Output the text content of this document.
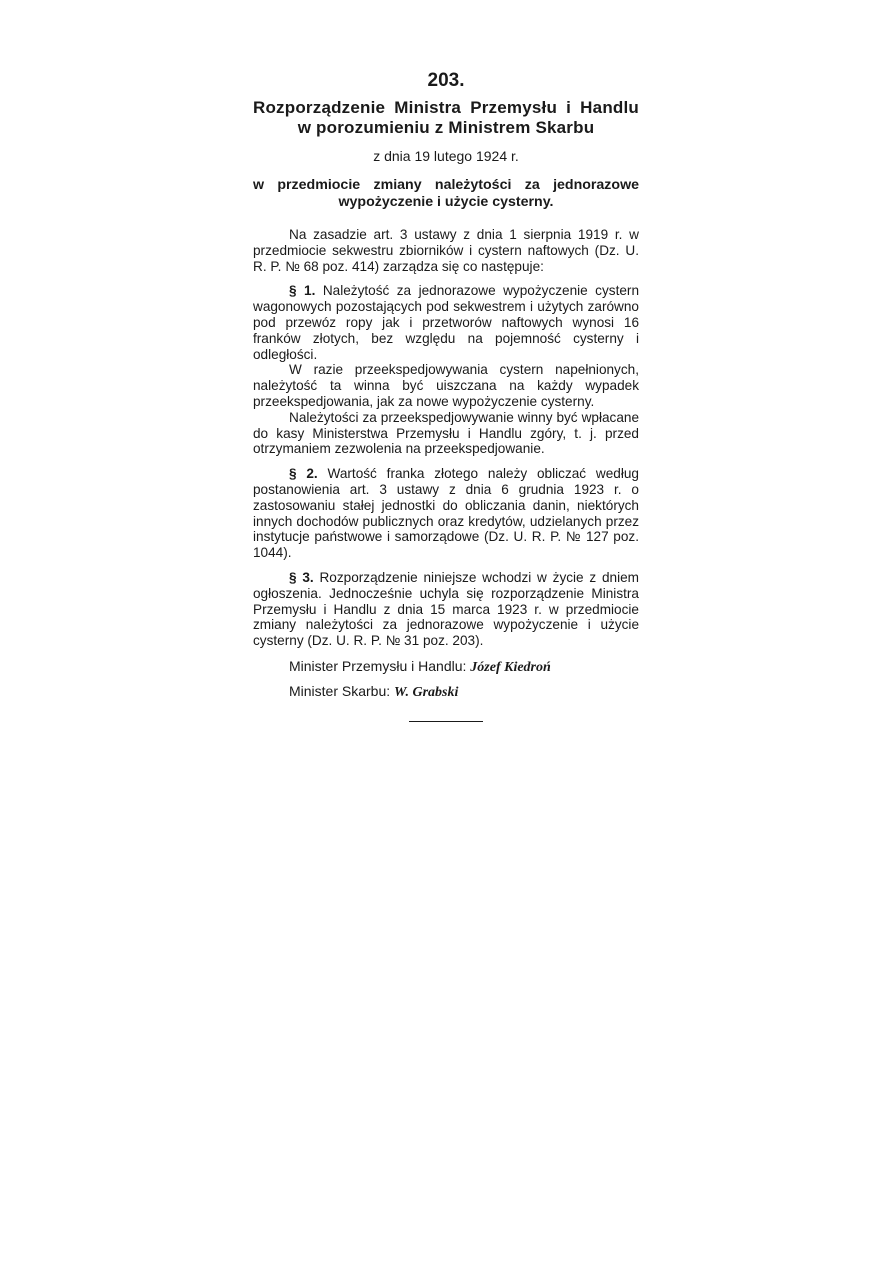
203.
Rozporządzenie Ministra Przemysłu i Handlu w porozumieniu z Ministrem Skarbu
z dnia 19 lutego 1924 r.
w przedmiocie zmiany należytości za jednorazowe wypożyczenie i użycie cysterny.

Na zasadzie art. 3 ustawy z dnia 1 sierpnia 1919 r. w przedmiocie sekwestru zbiorników i cystern naftowych (Dz. U. R. P. № 68 poz. 414) zarządza się co następuje:

§ 1. Należytość za jednorazowe wypożyczenie cystern wagonowych pozostających pod sekwestrem i użytych zarówno pod przewóz ropy jak i przetworów naftowych wynosi 16 franków złotych, bez względu na pojemność cysterny i odległości.

W razie przeekspedjowywania cystern napełnionych, należytość ta winna być uiszczana na każdy wypadek przeekspedjowania, jak za nowe wypożyczenie cysterny.

Należytości za przeekspedjowywanie winny być wpłacane do kasy Ministerstwa Przemysłu i Handlu zgóry, t. j. przed otrzymaniem zezwolenia na przeekspedjowanie.

§ 2. Wartość franka złotego należy obliczać według postanowienia art. 3 ustawy z dnia 6 grudnia 1923 r. o zastosowaniu stałej jednostki do obliczania danin, niektórych innych dochodów publicznych oraz kredytów, udzielanych przez instytucje państwowe i samorządowe (Dz. U. R. P. № 127 poz. 1044).

§ 3. Rozporządzenie niniejsze wchodzi w życie z dniem ogłoszenia. Jednocześnie uchyla się rozporządzenie Ministra Przemysłu i Handlu z dnia 15 marca 1923 r. w przedmiocie zmiany należytości za jednorazowe wypożyczenie i użycie cysterny (Dz. U. R. P. № 31 poz. 203).

Minister Przemysłu i Handlu: Józef Kiedroń

Minister Skarbu: W. Grabski
